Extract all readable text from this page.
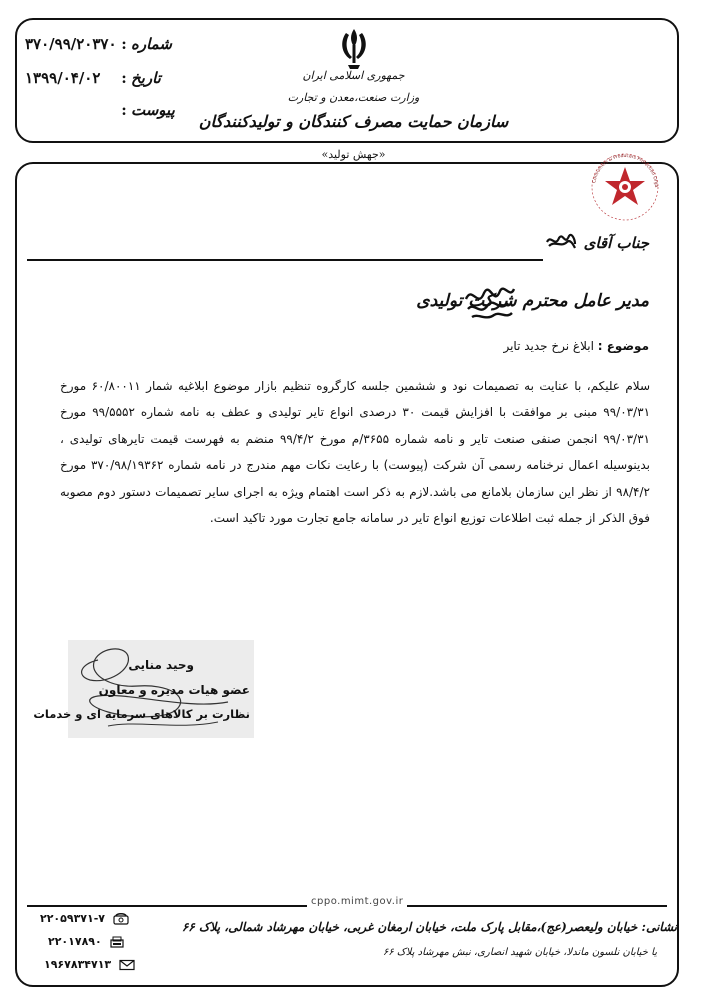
۳۷۰/۹۹/۲۰۳۷۰ : شماره
۱۳۹۹/۰۴/۰۲ : تاریخ
: پیوست
جمهوری اسلامی ایران
وزارت صنعت،معدن و تجارت
سازمان حمایت مصرف کنندگان و تولیدکنندگان
«جهش تولید»
Consumers & Producers Protection Orga
جناب آقای
مدیر عامل محترم شرکت تولیدی
موضوع : ابلاغ نرخ جدید تایر
سلام علیکم، با عنایت به تصمیمات نود و ششمین جلسه کارگروه تنظیم بازار موضوع ابلاغیه شمار ۶۰/۸۰۰۱۱ مورخ ۹۹/۰۳/۳۱ مبنی بر موافقت با افزایش قیمت ۳۰ درصدی انواع تایر تولیدی و عطف به نامه شماره ۹۹/۵۵۵۲ مورخ ۹۹/۰۳/۳۱ انجمن صنفی صنعت تایر و نامه شماره ۳۶۵۵/م مورخ ۹۹/۴/۲ منضم به فهرست قیمت تایرهای تولیدی ، بدینوسیله اعمال نرخنامه رسمی آن شرکت (پیوست) با رعایت نکات مهم مندرج در نامه شماره ۳۷۰/۹۸/۱۹۳۶۲ مورخ ۹۸/۴/۲ از نظر این سازمان بلامانع می باشد.لازم به ذکر است اهتمام ویژه به اجرای سایر تصمیمات دستور دوم مصوبه فوق الذکر از جمله ثبت اطلاعات توزیع انواع تایر در سامانه جامع تجارت مورد تاکید است.
وحید منایی
عضو هیات مدیره و معاون
نظارت بر کالاهای سرمایه ای و خدمات
cppo.mimt.gov.ir
نشانی: خیابان ولیعصر(عج)،مقابل پارک ملت، خیابان ارمغان غربی، خیابان مهرشاد شمالی، پلاک ۶۶
یا خیابان نلسون ماندلا، خیابان شهید انصاری، نبش مهرشاد پلاک ۶۶
۲۲۰۵۹۳۷۱-۷
۲۲۰۱۷۸۹۰
۱۹۶۷۸۳۴۷۱۳
